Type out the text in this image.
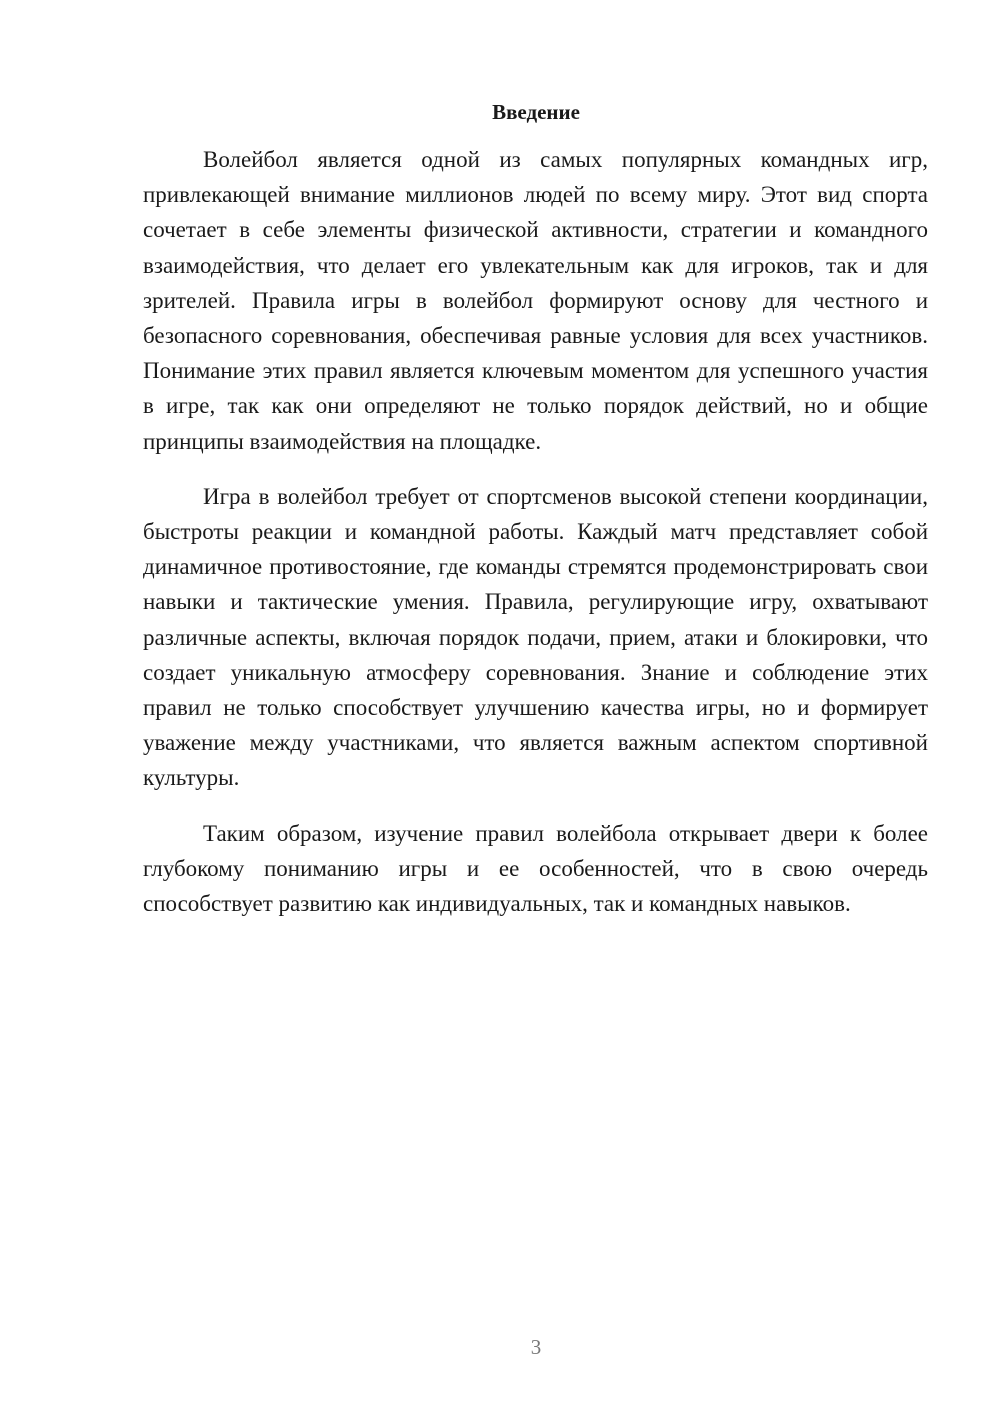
Введение

Волейбол является одной из самых популярных командных игр, привлекающей внимание миллионов людей по всему миру. Этот вид спорта сочетает в себе элементы физической активности, стратегии и командного взаимодействия, что делает его увлекательным как для игроков, так и для зрителей. Правила игры в волейбол формируют основу для честного и безопасного соревнования, обеспечивая равные условия для всех участников. Понимание этих правил является ключевым моментом для успешного участия в игре, так как они определяют не только порядок действий, но и общие принципы взаимодействия на площадке.

Игра в волейбол требует от спортсменов высокой степени координации, быстроты реакции и командной работы. Каждый матч представляет собой динамичное противостояние, где команды стремятся продемонстрировать свои навыки и тактические умения. Правила, регулирующие игру, охватывают различные аспекты, включая порядок подачи, прием, атаки и блокировки, что создает уникальную атмосферу соревнования. Знание и соблюдение этих правил не только способствует улучшению качества игры, но и формирует уважение между участниками, что является важным аспектом спортивной культуры.

Таким образом, изучение правил волейбола открывает двери к более глубокому пониманию игры и ее особенностей, что в свою очередь способствует развитию как индивидуальных, так и командных навыков.

3
